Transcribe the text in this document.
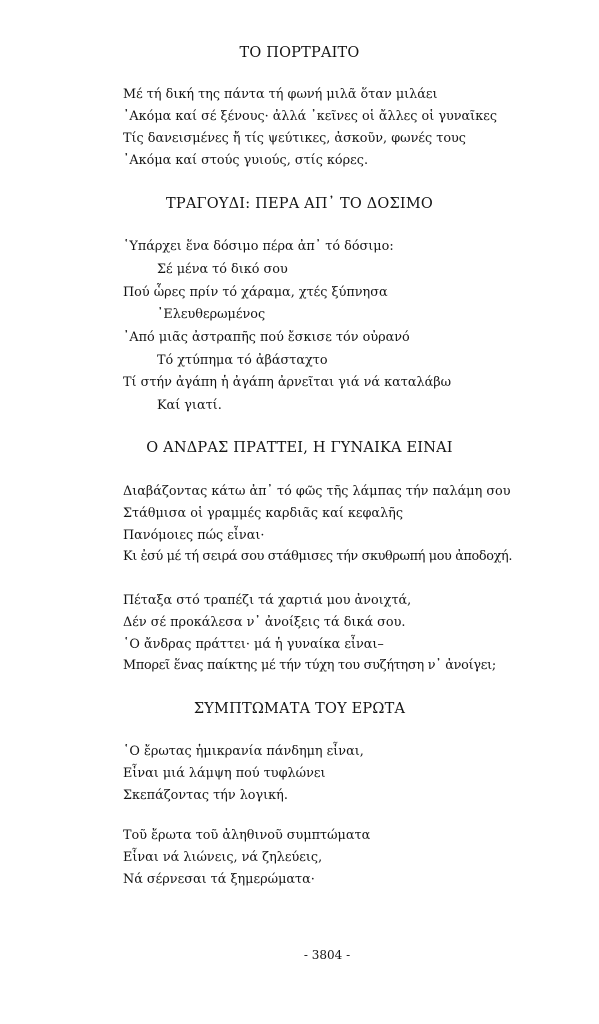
ΤΟ ΠΟΡΤΡΑΙΤΟ
Μέ τή δική της πάντα τή φωνή μιλᾶ ὅταν μιλάει
᾿Ακόμα καί σέ ξένους· ἀλλά ᾿κεῖνες οἱ ἄλλες οἱ γυναῖκες
Τίς δανεισμένες ἤ τίς ψεύτικες, ἀσκοῦν, φωνές τους
᾿Ακόμα καί στούς γυιούς, στίς κόρες.
ΤΡΑΓΟΥΔΙ: ΠΕΡΑ ΑΠ᾿ ΤΟ ΔΟΣΙΜΟ
῾Υπάρχει ἕνα δόσιμο πέρα ἀπ᾿ τό δόσιμο:
Σέ μένα τό δικό σου
Πού ὧρες πρίν τό χάραμα, χτές ξύπνησα
᾿Ελευθερωμένος
᾿Από μιᾶς ἀστραπῆς πού ἔσκισε τόν οὐρανό
Τό χτύπημα τό ἀβάσταχτο
Τί στήν ἀγάπη ἡ ἀγάπη ἀρνεῖται γιά νά καταλάβω
Καί γιατί.
Ο ΑΝΔΡΑΣ ΠΡΑΤΤΕΙ, Η ΓΥΝΑΙΚΑ ΕΙΝΑΙ
Διαβάζοντας κάτω ἀπ᾿ τό φῶς τῆς λάμπας τήν παλάμη σου
Στάθμισα οἱ γραμμές καρδιᾶς καί κεφαλῆς
Πανόμοιες πώς εἶναι·
Κι ἐσύ μέ τή σειρά σου στάθμισες τήν σκυθρωπή μου ἀποδοχή.
Πέταξα στό τραπέζι τά χαρτιά μου ἀνοιχτά,
Δέν σέ προκάλεσα ν᾿ ἀνοίξεις τά δικά σου.
῾Ο ἄνδρας πράττει· μά ἡ γυναίκα εἶναι–
Μπορεῖ ἕνας παίκτης μέ τήν τύχη του συζήτηση ν᾿ ἀνοίγει;
ΣΥΜΠΤΩΜΑΤΑ ΤΟΥ ΕΡΩΤΑ
῾Ο ἔρωτας ἡμικρανία πάνδημη εἶναι,
Εἶναι μιά λάμψη πού τυφλώνει
Σκεπάζοντας τήν λογική.
Τοῦ ἔρωτα τοῦ ἀληθινοῦ συμπτώματα
Εἶναι νά λιώνεις, νά ζηλεύεις,
Νά σέρνεσαι τά ξημερώματα·
- 3804 -
